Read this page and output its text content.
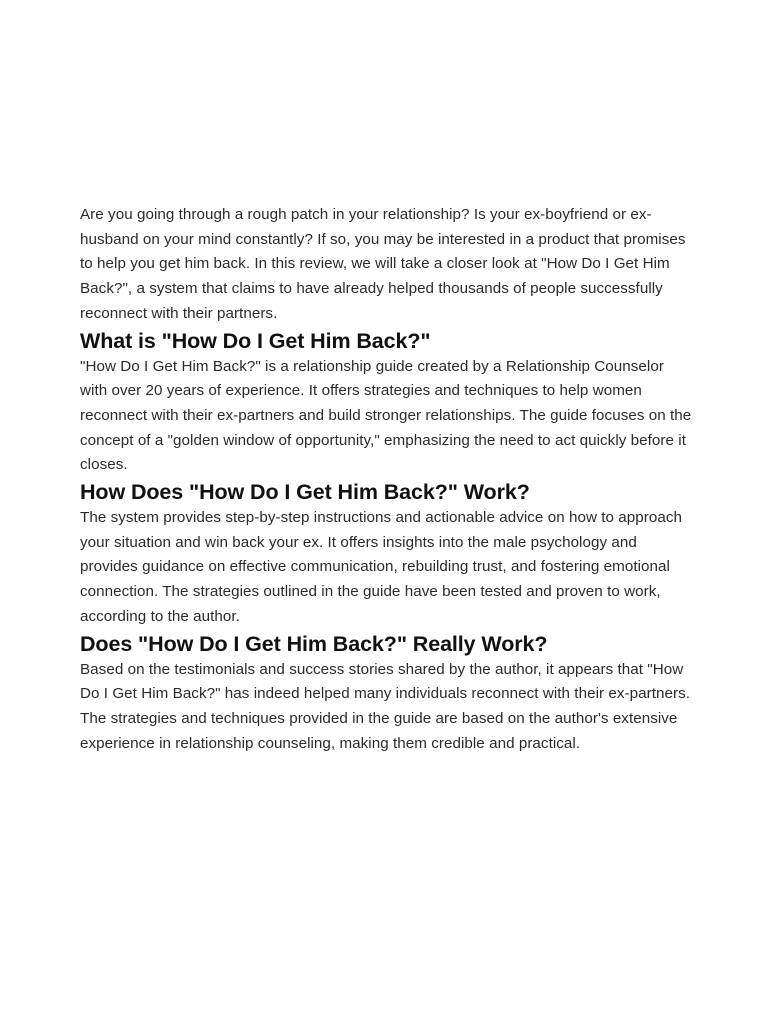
Are you going through a rough patch in your relationship? Is your ex-boyfriend or ex-husband on your mind constantly? If so, you may be interested in a product that promises to help you get him back. In this review, we will take a closer look at "How Do I Get Him Back?", a system that claims to have already helped thousands of people successfully reconnect with their partners.

What is "How Do I Get Him Back?"

"How Do I Get Him Back?" is a relationship guide created by a Relationship Counselor with over 20 years of experience. It offers strategies and techniques to help women reconnect with their ex-partners and build stronger relationships. The guide focuses on the concept of a "golden window of opportunity," emphasizing the need to act quickly before it closes.

How Does "How Do I Get Him Back?" Work?

The system provides step-by-step instructions and actionable advice on how to approach your situation and win back your ex. It offers insights into the male psychology and provides guidance on effective communication, rebuilding trust, and fostering emotional connection. The strategies outlined in the guide have been tested and proven to work, according to the author.

Does "How Do I Get Him Back?" Really Work?

Based on the testimonials and success stories shared by the author, it appears that "How Do I Get Him Back?" has indeed helped many individuals reconnect with their ex-partners. The strategies and techniques provided in the guide are based on the author's extensive experience in relationship counseling, making them credible and practical.
